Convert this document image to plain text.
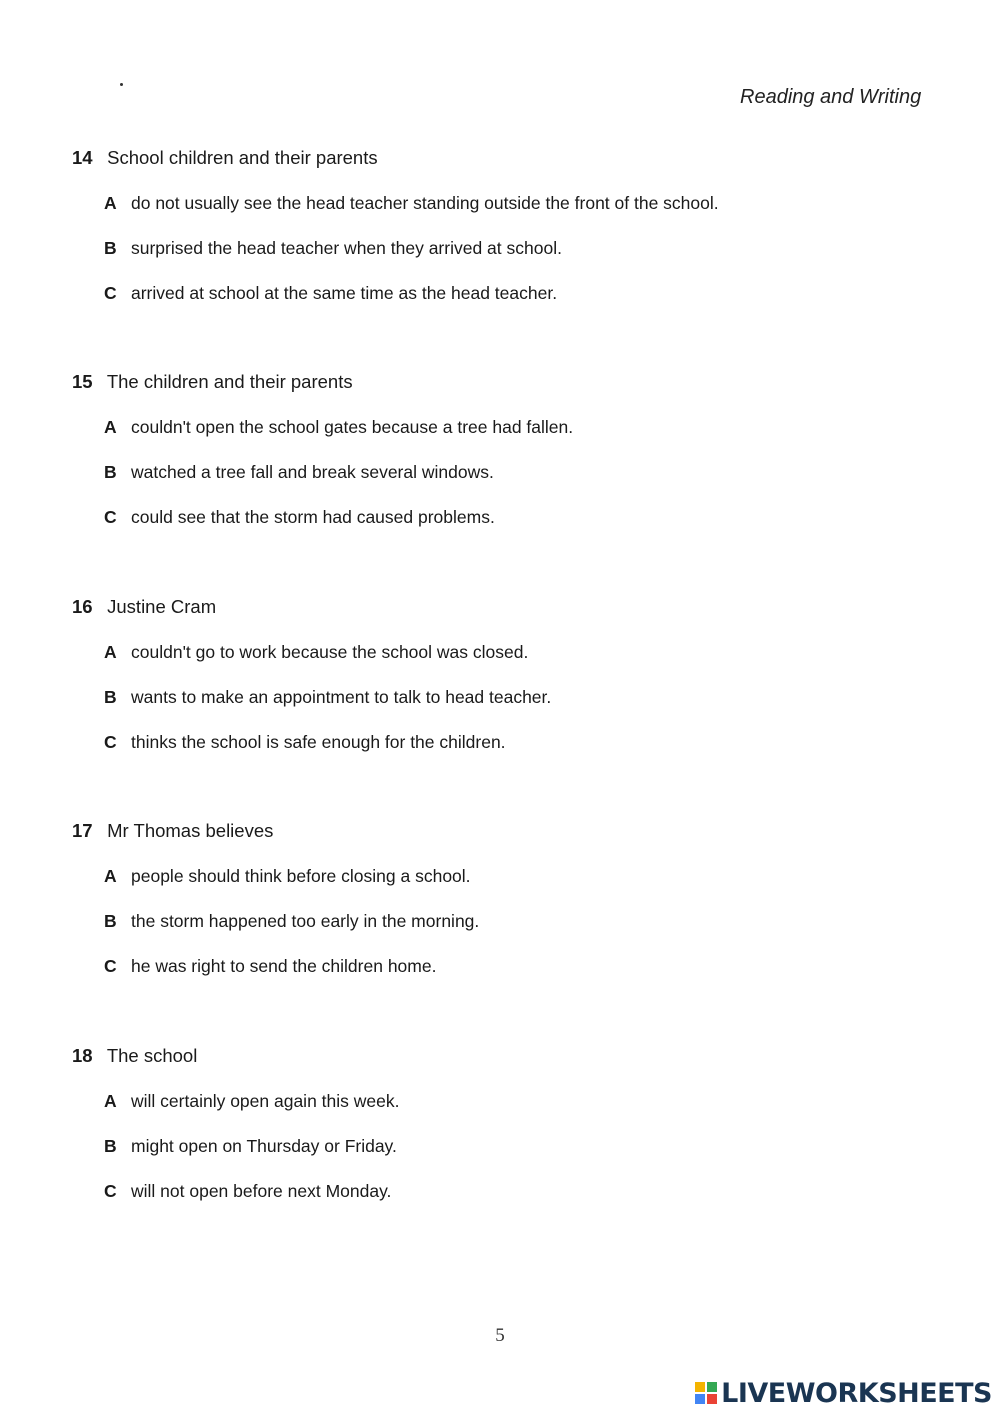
Reading and Writing
14 School children and their parents
A do not usually see the head teacher standing outside the front of the school.
B surprised the head teacher when they arrived at school.
C arrived at school at the same time as the head teacher.
15 The children and their parents
A couldn't open the school gates because a tree had fallen.
B watched a tree fall and break several windows.
C could see that the storm had caused problems.
16 Justine Cram
A couldn't go to work because the school was closed.
B wants to make an appointment to talk to head teacher.
C thinks the school is safe enough for the children.
17 Mr Thomas believes
A people should think before closing a school.
B the storm happened too early in the morning.
C he was right to send the children home.
18 The school
A will certainly open again this week.
B might open on Thursday or Friday.
C will not open before next Monday.
5
LIVEWORKSHEETS
